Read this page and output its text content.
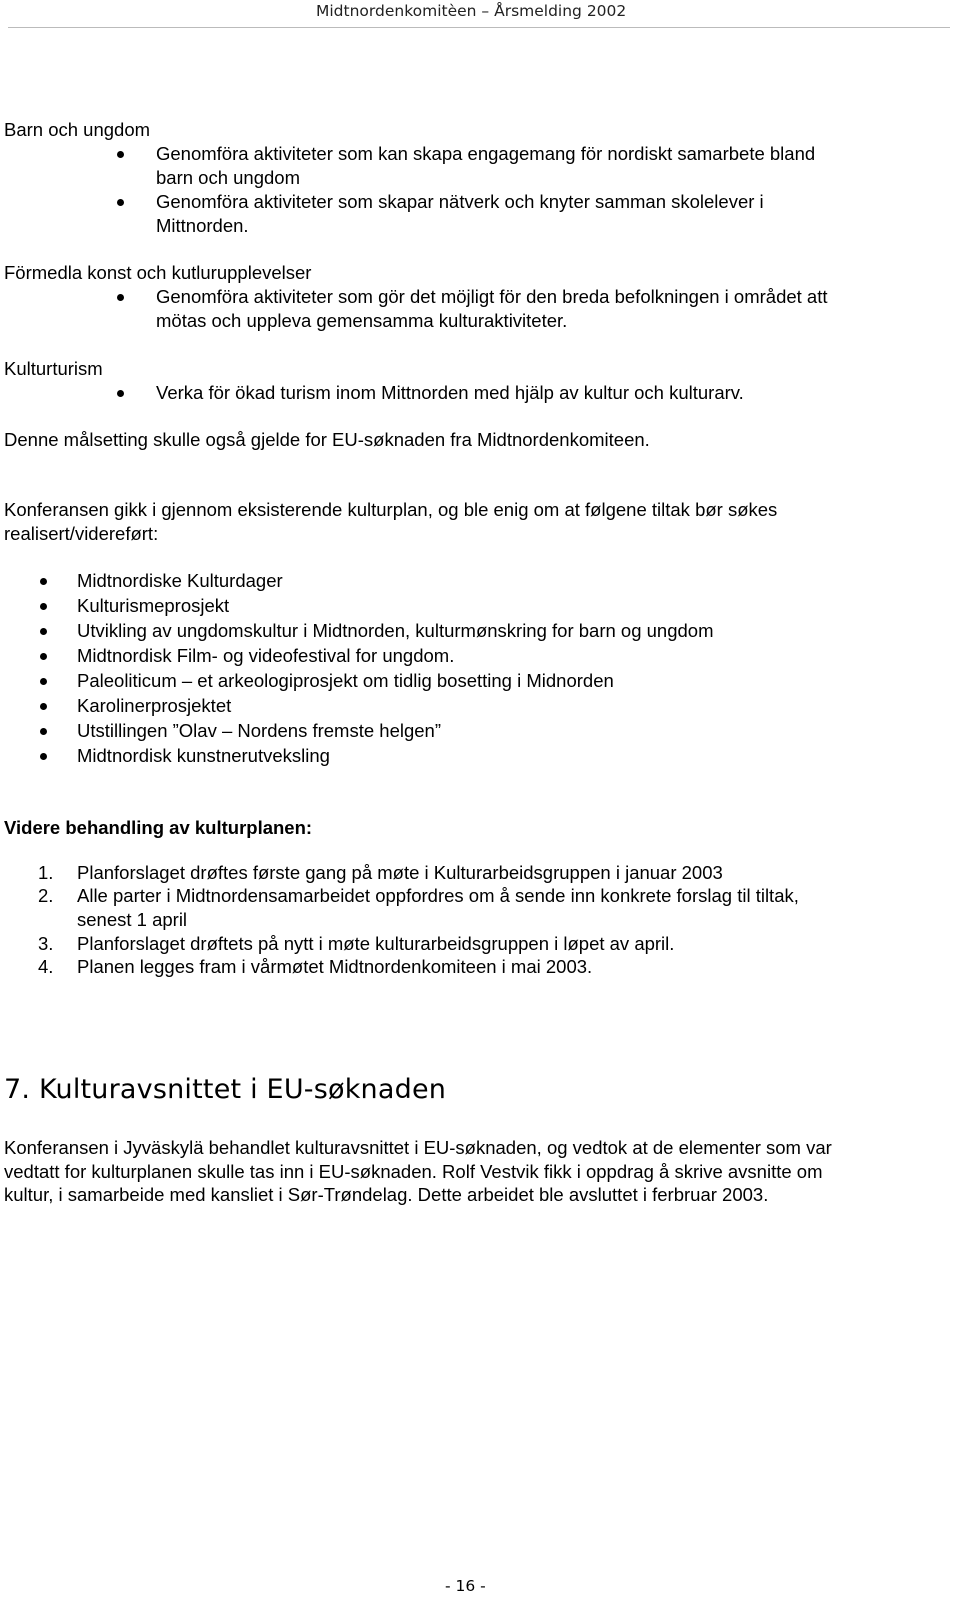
Midtnordenkomitèen – Årsmelding 2002
Barn och ungdom
Genomföra aktiviteter som kan skapa engagemang för nordiskt samarbete bland
barn och ungdom
Genomföra aktiviteter som skapar nätverk och knyter samman skolelever i
Mittnorden.
Förmedla konst och kutlurupplevelser
Genomföra aktiviteter som gör det möjligt för den breda befolkningen i området att
mötas och uppleva gemensamma kulturaktiviteter.
Kulturturism
Verka för ökad turism inom Mittnorden med hjälp av kultur och kulturarv.
Denne målsetting skulle også gjelde for EU-søknaden fra Midtnordenkomiteen.
Konferansen gikk i gjennom eksisterende kulturplan, og ble enig om at følgene tiltak bør søkes
realisert/videreført:
Midtnordiske Kulturdager
Kulturismeprosjekt
Utvikling av ungdomskultur i Midtnorden, kulturmønskring for barn og ungdom
Midtnordisk Film- og videofestival for ungdom.
Paleoliticum – et arkeologiprosjekt om tidlig bosetting i Midnorden
Karolinerprosjektet
Utstillingen ”Olav – Nordens fremste helgen”
Midtnordisk kunstnerutveksling
Videre behandling av kulturplanen:
1. Planforslaget drøftes første gang på møte i Kulturarbeidsgruppen i januar 2003
2. Alle parter i Midtnordensamarbeidet oppfordres om å sende inn konkrete forslag til tiltak,
senest 1 april
3. Planforslaget drøftets på nytt i møte kulturarbeidsgruppen i løpet av april.
4. Planen legges fram i vårmøtet Midtnordenkomiteen i mai 2003.
7. Kulturavsnittet i EU-søknaden
Konferansen i Jyväskylä behandlet kulturavsnittet i EU-søknaden, og vedtok at de elementer som var
vedtatt for kulturplanen skulle tas inn i EU-søknaden. Rolf Vestvik fikk i oppdrag å skrive avsnitte om
kultur, i samarbeide med kansliet i Sør-Trøndelag. Dette arbeidet ble avsluttet i ferbruar 2003.
- 16 -
